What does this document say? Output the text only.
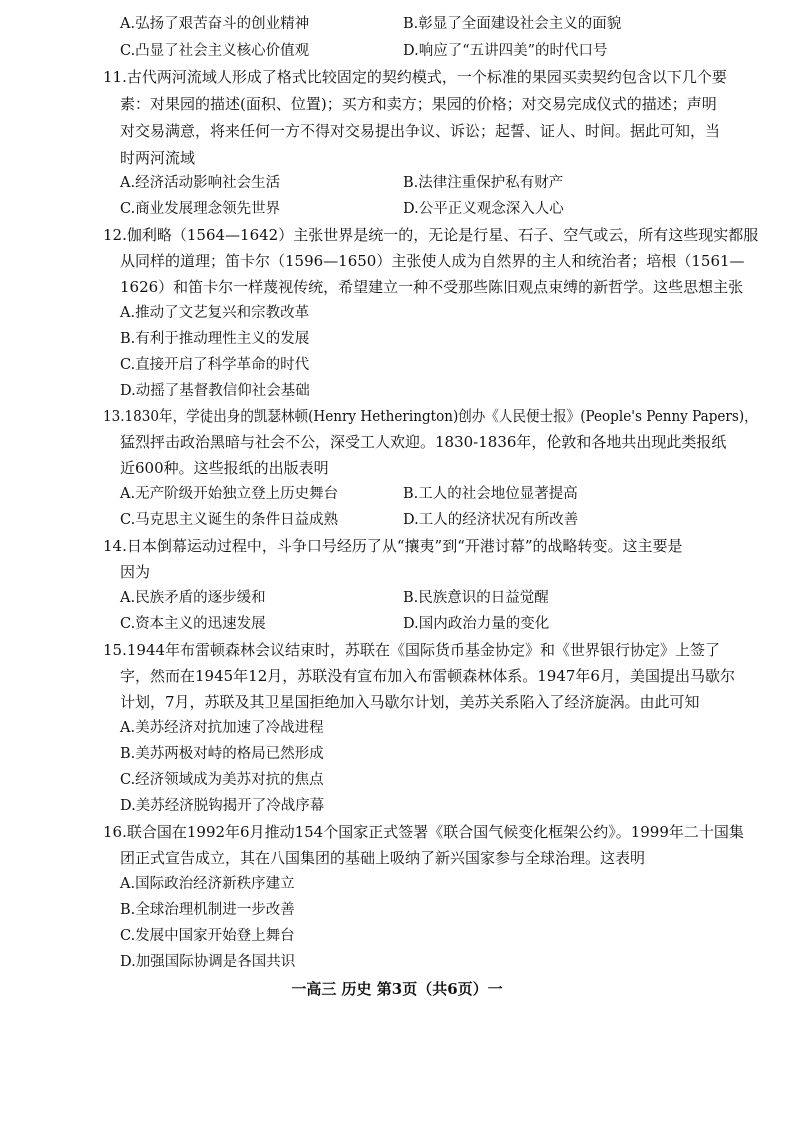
A.弘扬了艰苦奋斗的创业精神	B.彰显了全面建设社会主义的面貌
C.凸显了社会主义核心价值观	D.响应了“五讲四美”的时代口号
11.古代两河流域人形成了格式比较固定的契约模式，一个标准的果园买卖契约包含以下几个要
素：对果园的描述(面积、位置)；买方和卖方；果园的价格；对交易完成仪式的描述；声明
对交易满意，将来任何一方不得对交易提出争议、诉讼；起誓、证人、时间。据此可知，当
时两河流域
A.经济活动影响社会生活	B.法律注重保护私有财产
C.商业发展理念领先世界	D.公平正义观念深入人心
12.伽利略（1564—1642）主张世界是统一的，无论是行星、石子、空气或云，所有这些现实都服
从同样的道理；笛卡尔（1596—1650）主张使人成为自然界的主人和统治者；培根（1561—
1626）和笛卡尔一样蔑视传统，希望建立一种不受那些陈旧观点束缚的新哲学。这些思想主张
A.推动了文艺复兴和宗教改革
B.有利于推动理性主义的发展
C.直接开启了科学革命的时代
D.动摇了基督教信仰社会基础
13.1830年，学徒出身的凯瑟林顿(Henry Hetherington)创办《人民便士报》(People's Penny Papers)，
猛烈抨击政治黑暗与社会不公，深受工人欢迎。1830-1836年，伦敦和各地共出现此类报纸
近600种。这些报纸的出版表明
A.无产阶级开始独立登上历史舞台	B.工人的社会地位显著提高
C.马克思主义诞生的条件日益成熟	D.工人的经济状况有所改善
14.日本倒幕运动过程中，斗争口号经历了从“攘夷”到“开港讨幕”的战略转变。这主要是
因为
A.民族矛盾的逐步缓和	B.民族意识的日益觉醒
C.资本主义的迅速发展	D.国内政治力量的变化
15.1944年布雷顿森林会议结束时，苏联在《国际货币基金协定》和《世界银行协定》上签了
字，然而在1945年12月，苏联没有宣布加入布雷顿森林体系。1947年6月，美国提出马歇尔
计划，7月，苏联及其卫星国拒绝加入马歇尔计划，美苏关系陷入了经济旋涡。由此可知
A.美苏经济对抗加速了冷战进程
B.美苏两极对峙的格局已然形成
C.经济领域成为美苏对抗的焦点
D.美苏经济脱钩揭开了冷战序幕
16.联合国在1992年6月推动154个国家正式签署《联合国气候变化框架公约》。1999年二十国集
团正式宣告成立，其在八国集团的基础上吸纳了新兴国家参与全球治理。这表明
A.国际政治经济新秩序建立
B.全球治理机制进一步改善
C.发展中国家开始登上舞台
D.加强国际协调是各国共识
一高三 历史 第3页（共6页）一
